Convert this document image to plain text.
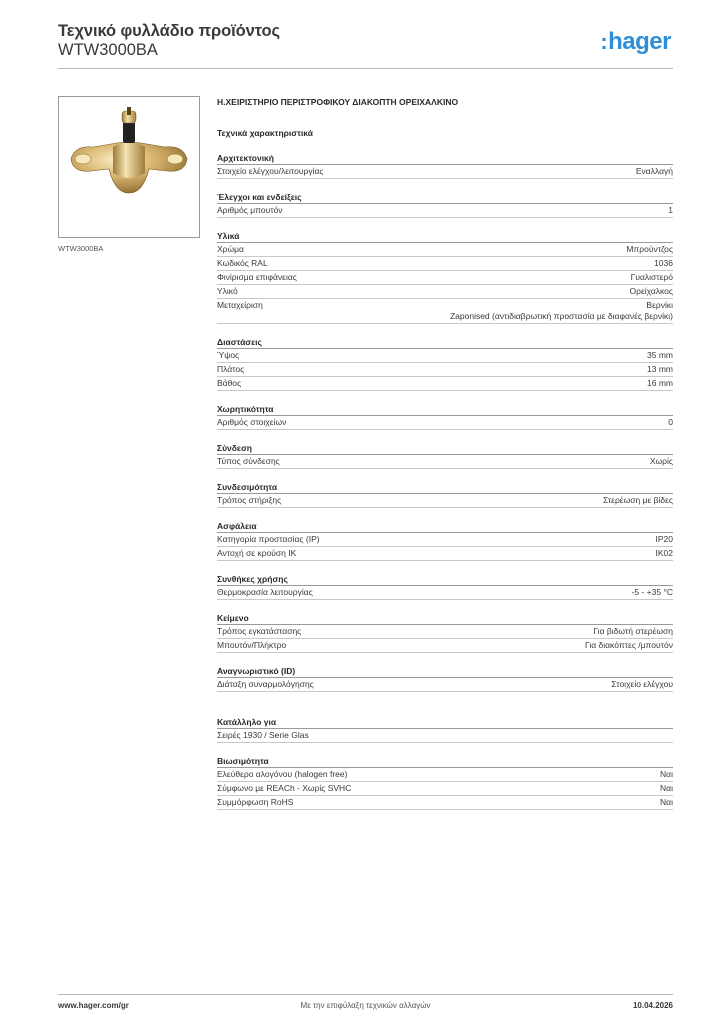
Τεχνικό φυλλάδιο προϊόντος
WTW3000BA	:hager
WTW3000BA
Η.ΧΕΙΡΙΣΤΗΡΙΟ ΠΕΡΙΣΤΡΟΦΙΚΟΥ ΔΙΑΚΟΠΤΗ ΟΡΕΙΧΑΛΚΙΝΟ
Τεχνικά χαρακτηριστικά
Αρχιτεκτονική
Στοιχείο ελέγχου/λειτουργίας	Εναλλαγή
Έλεγχοι και ενδείξεις
Αριθμός μπουτόν	1
Υλικά
Χρώμα	Μπρούντζος
Κωδικός RAL	1036
Φινίρισμα επιφάνειας	Γυαλιστερό
Υλικό	Ορείχαλκος
Μεταχείριση	Βερνίκι
Zaponised (αντιδιαβρωτική προστασία με διαφανές βερνίκι)
Διαστάσεις
Ύψος	35 mm
Πλάτος	13 mm
Βάθος	16 mm
Χωρητικότητα
Αριθμός στοιχείων	0
Σύνδεση
Τύπος σύνδεσης	Χωρίς
Συνδεσιμότητα
Τρόπος στήριξης	Στερέωση με βίδες
Ασφάλεια
Κατηγορία προστασίας (IP)	IP20
Αντοχή σε κρούση IK	IK02
Συνθήκες χρήσης
Θερμοκρασία λειτουργίας	-5 - +35 °C
Κείμενο
Τρόπος εγκατάστασης	Για βιδωτή στερέωση
Μπουτόν/Πλήκτρο	Για διακόπτες /μπουτόν
Αναγνωριστικό (ID)
Διάταξη συναρμολόγησης	Στοιχείο ελέγχου
Κατάλληλο για
Σειρές 1930 / Serie Glas
Βιωσιμότητα
Ελεύθερο αλογόνου (halogen free)	Ναι
Σύμφωνο με REACh - Χωρίς SVHC	Ναι
Συμμόρφωση RoHS	Ναι
www.hager.com/gr	Με την επιφύλαξη τεχνικών αλλαγών	10.04.2026
